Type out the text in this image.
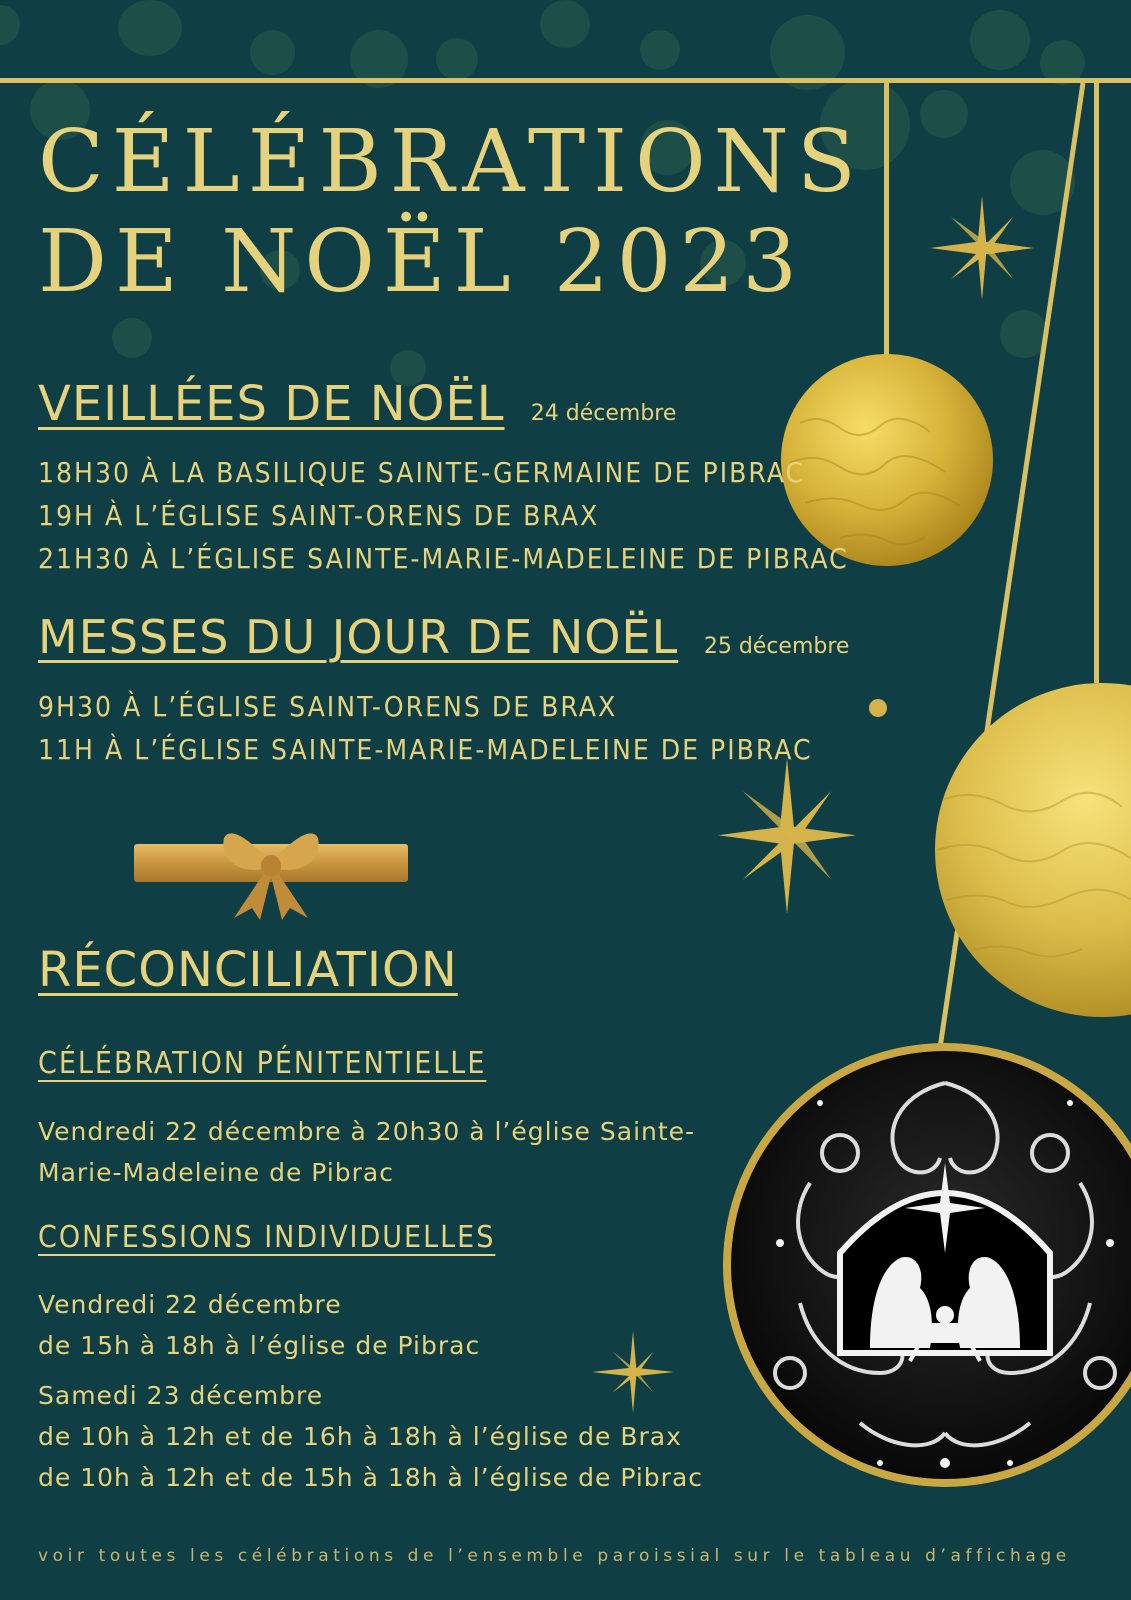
CÉLÉBRATIONS
DE NOËL 2023
VEILLÉES DE NOËL 24 décembre
18H30 À LA BASILIQUE SAINTE-GERMAINE DE PIBRAC
19H À L’ÉGLISE SAINT-ORENS DE BRAX
21H30 À L’ÉGLISE SAINTE-MARIE-MADELEINE DE PIBRAC
MESSES DU JOUR DE NOËL 25 décembre
9H30 À L’ÉGLISE SAINT-ORENS DE BRAX
11H À L’ÉGLISE SAINTE-MARIE-MADELEINE DE PIBRAC
RÉCONCILIATION
CÉLÉBRATION PÉNITENTIELLE
Vendredi 22 décembre à 20h30 à l’église Sainte-
Marie-Madeleine de Pibrac
CONFESSIONS INDIVIDUELLES
Vendredi 22 décembre
de 15h à 18h à l’église de Pibrac
Samedi 23 décembre
de 10h à 12h et de 16h à 18h à l’église de Brax
de 10h à 12h et de 15h à 18h à l’église de Pibrac
voir toutes les célébrations de l’ensemble paroissial sur le tableau d’affichage
